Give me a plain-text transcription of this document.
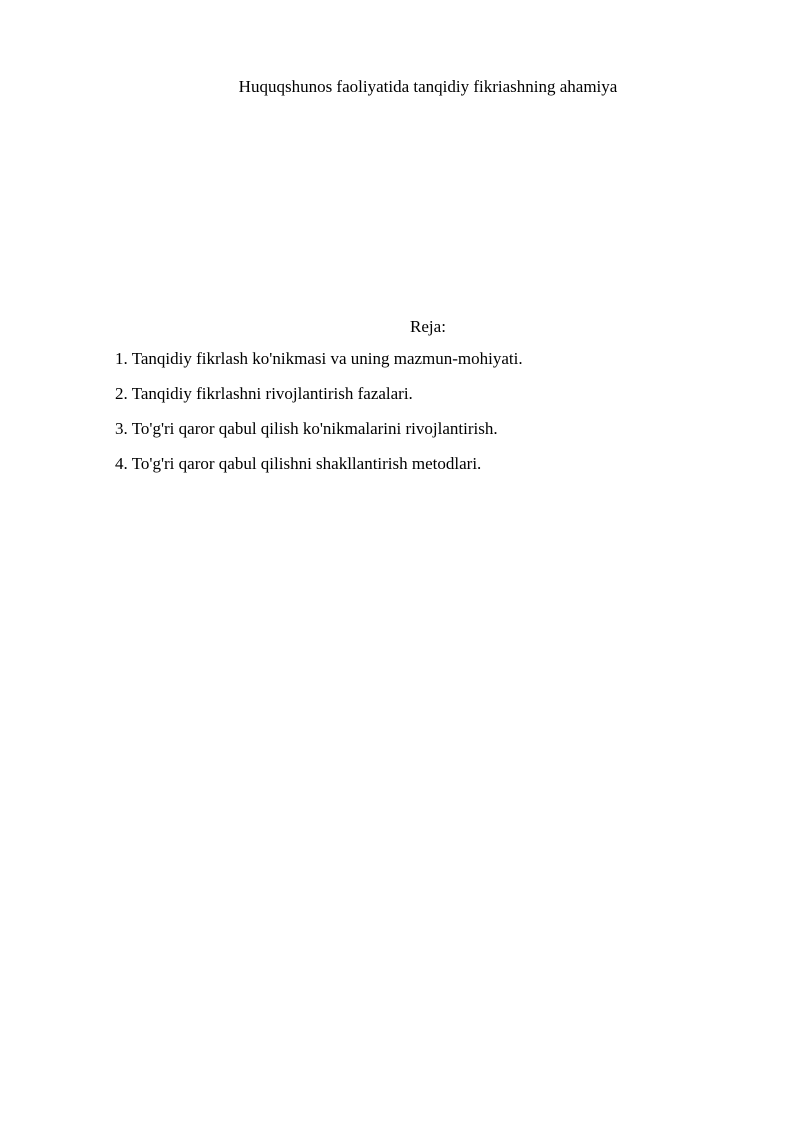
Huquqshunos faoliyatida tanqidiy fikriashning ahamiya
Reja:
1. Tanqidiy fikrlash ko'nikmasi va uning mazmun-mohiyati.
2. Tanqidiy fikrlashni rivojlantirish fazalari.
3. To'g'ri qaror qabul qilish ko'nikmalarini rivojlantirish.
4. To'g'ri qaror qabul qilishni shakllantirish metodlari.
